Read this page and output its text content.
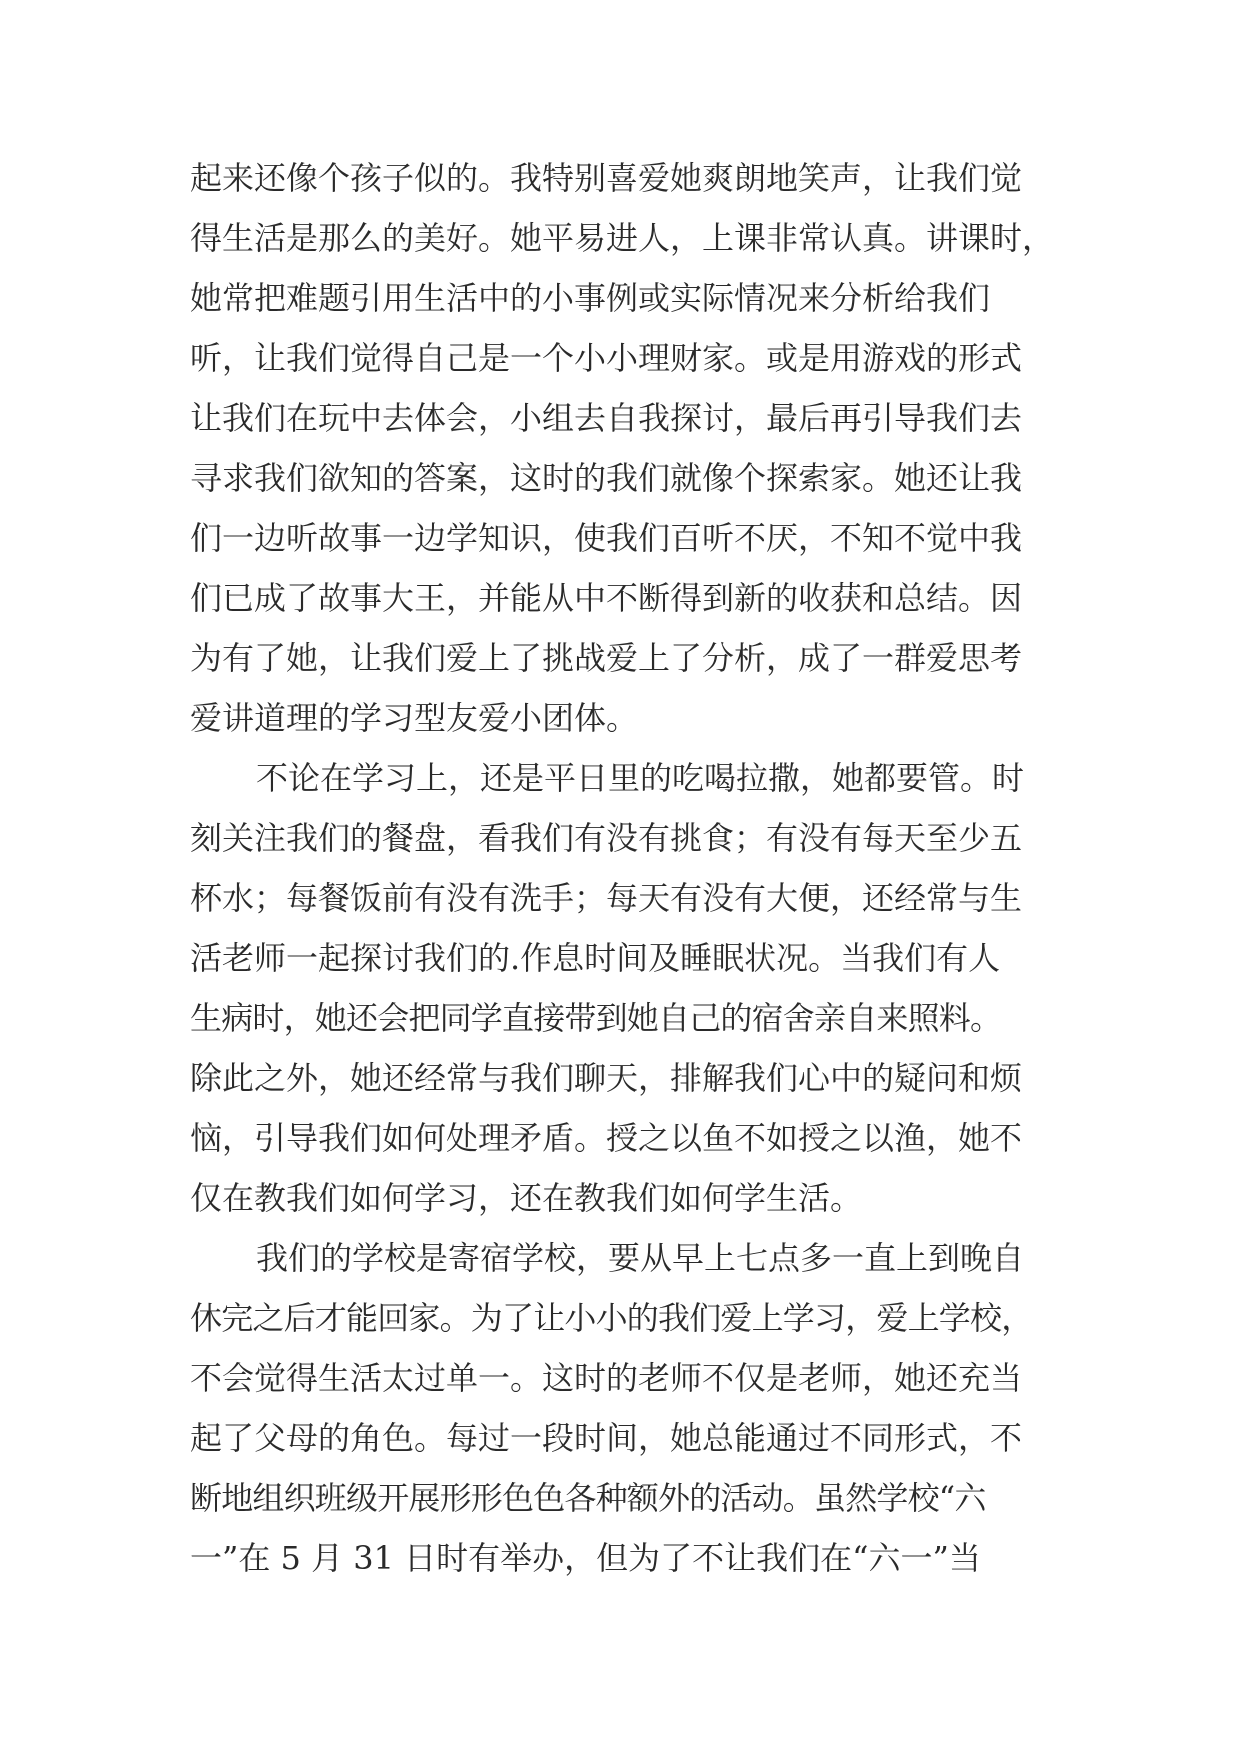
起来还像个孩子似的。我特别喜爱她爽朗地笑声，让我们觉
得生活是那么的美好。她平易进人，上课非常认真。讲课时，
她常把难题引用生活中的小事例或实际情况来分析给我们
听，让我们觉得自己是一个小小理财家。或是用游戏的形式
让我们在玩中去体会，小组去自我探讨，最后再引导我们去
寻求我们欲知的答案，这时的我们就像个探索家。她还让我
们一边听故事一边学知识，使我们百听不厌，不知不觉中我
们已成了故事大王，并能从中不断得到新的收获和总结。因
为有了她，让我们爱上了挑战爱上了分析，成了一群爱思考
爱讲道理的学习型友爱小团体。
不论在学习上，还是平日里的吃喝拉撒，她都要管。时
刻关注我们的餐盘，看我们有没有挑食；有没有每天至少五
杯水；每餐饭前有没有洗手；每天有没有大便，还经常与生
活老师一起探讨我们的.作息时间及睡眠状况。当我们有人
生病时，她还会把同学直接带到她自己的宿舍亲自来照料。
除此之外，她还经常与我们聊天，排解我们心中的疑问和烦
恼，引导我们如何处理矛盾。授之以鱼不如授之以渔，她不
仅在教我们如何学习，还在教我们如何学生活。
我们的学校是寄宿学校，要从早上七点多一直上到晚自
休完之后才能回家。为了让小小的我们爱上学习，爱上学校，
不会觉得生活太过单一。这时的老师不仅是老师，她还充当
起了父母的角色。每过一段时间，她总能通过不同形式，不
断地组织班级开展形形色色各种额外的活动。虽然学校“六
一”在 5 月 31 日时有举办，但为了不让我们在“六一”当
